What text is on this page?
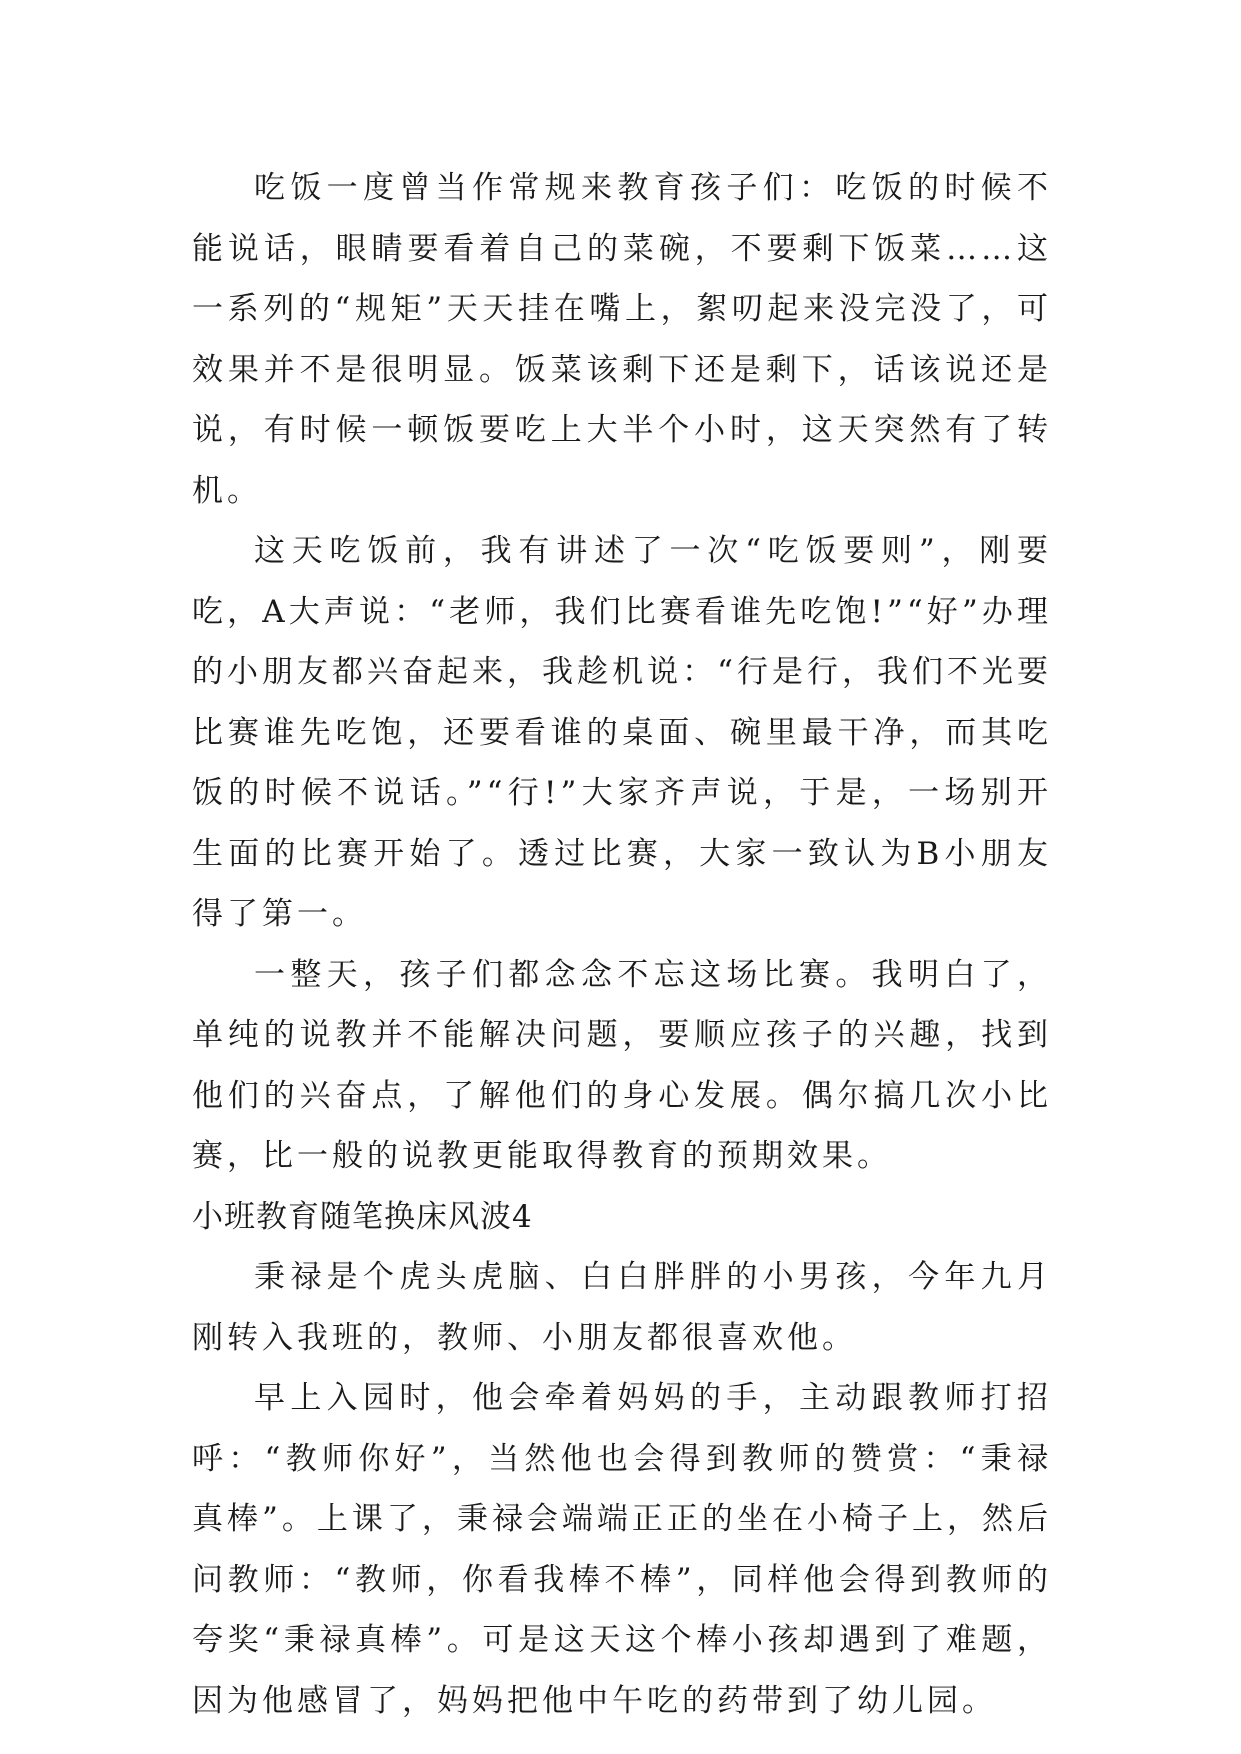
吃饭一度曾当作常规来教育孩子们：吃饭的时候不能说话，眼睛要看着自己的菜碗，不要剩下饭菜……这一系列的“规矩”天天挂在嘴上，絮叨起来没完没了，可效果并不是很明显。饭菜该剩下还是剩下，话该说还是说，有时候一顿饭要吃上大半个小时，这天突然有了转机。

这天吃饭前，我有讲述了一次“吃饭要则”，刚要吃，A大声说：“老师，我们比赛看谁先吃饱!”“好”办理的小朋友都兴奋起来，我趁机说：“行是行，我们不光要比赛谁先吃饱，还要看谁的桌面、碗里最干净，而其吃饭的时候不说话。”“行!”大家齐声说，于是，一场别开生面的比赛开始了。透过比赛，大家一致认为B小朋友得了第一。

一整天，孩子们都念念不忘这场比赛。我明白了，单纯的说教并不能解决问题，要顺应孩子的兴趣，找到他们的兴奋点，了解他们的身心发展。偶尔搞几次小比赛，比一般的说教更能取得教育的预期效果。

小班教育随笔换床风波4

秉禄是个虎头虎脑、白白胖胖的小男孩，今年九月刚转入我班的，教师、小朋友都很喜欢他。

早上入园时，他会牵着妈妈的手，主动跟教师打招呼：“教师你好”，当然他也会得到教师的赞赏：“秉禄真棒”。上课了，秉禄会端端正正的坐在小椅子上，然后问教师：“教师，你看我棒不棒”，同样他会得到教师的夸奖“秉禄真棒”。可是这天这个棒小孩却遇到了难题，因为他感冒了，妈妈把他中午吃的药带到了幼儿园。
